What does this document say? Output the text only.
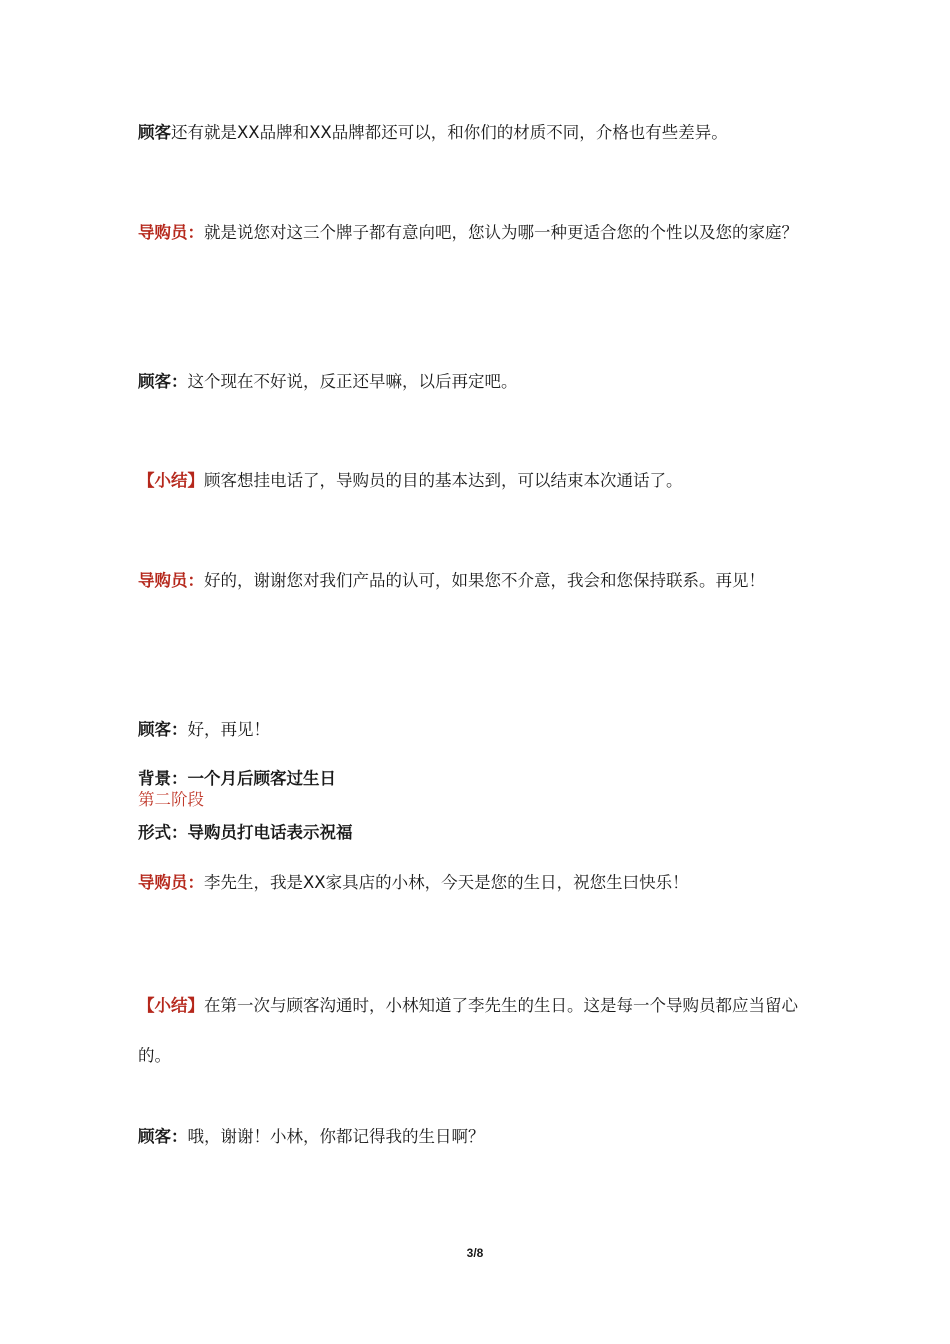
顾客还有就是XX品牌和XX品牌都还可以，和你们的材质不同，介格也有些差异。

导购员：就是说您对这三个牌子都有意向吧，您认为哪一种更适合您的个性以及您的家庭？

顾客：这个现在不好说，反正还早嘛，以后再定吧。

【小结】顾客想挂电话了，导购员的目的基本达到，可以结束本次通话了。

导购员：好的，谢谢您对我们产品的认可，如果您不介意，我会和您保持联系。再见！

顾客：好，再见！

背景：一个月后顾客过生日
第二阶段
形式：导购员打电话表示祝福

导购员：李先生，我是XX家具店的小林，今天是您的生日，祝您生曰快乐！

【小结】在第一次与顾客沟通时，小林知道了李先生的生日。这是每一个导购员都应当留心的。

顾客：哦，谢谢！小林，你都记得我的生日啊？

3/8
